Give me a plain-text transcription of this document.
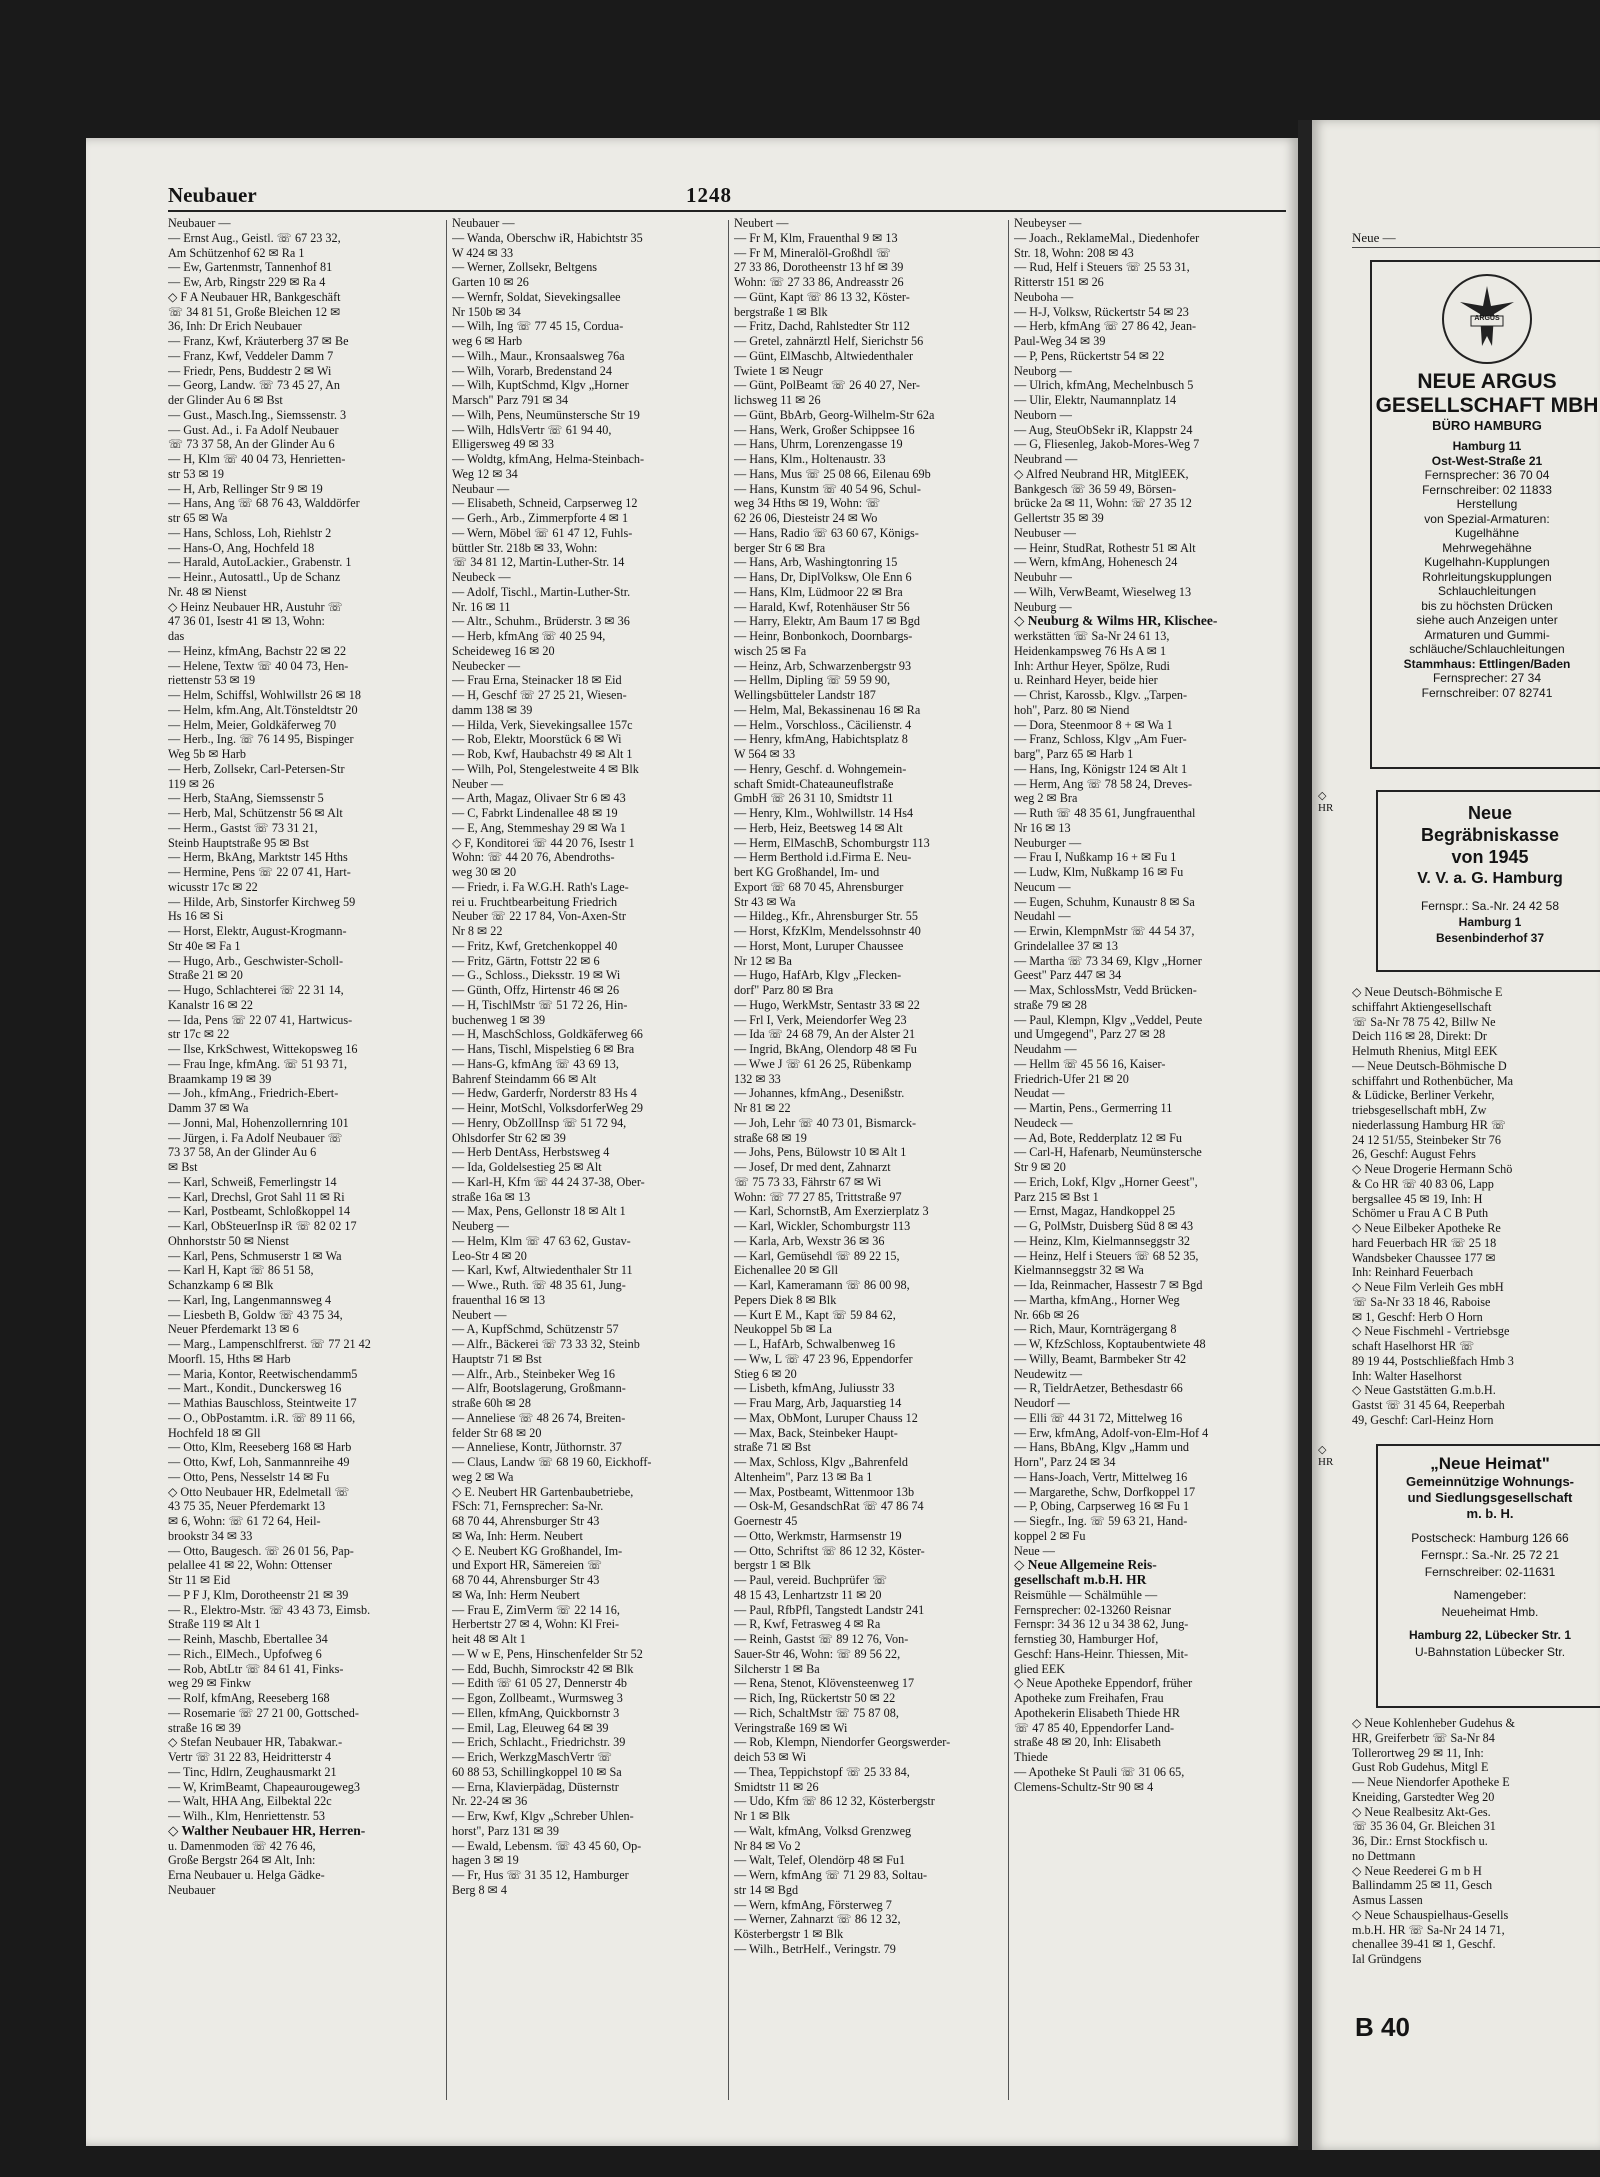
Neubauer	1248
Neubauer —
— Ernst Aug., Geistl. ☏ 67 23 32,
Am Schützenhof 62 ✉ Ra 1
— Ew, Gartenmstr, Tannenhof 81
— Ew, Arb, Ringstr 229 ✉ Ra 4
◇ F A Neubauer HR, Bankgeschäft
☏ 34 81 51, Große Bleichen 12 ✉
36, Inh: Dr Erich Neubauer
— Franz, Kwf, Kräuterberg 37 ✉ Be
— Franz, Kwf, Veddeler Damm 7
— Friedr, Pens, Buddestr 2 ✉ Wi
— Georg, Landw. ☏ 73 45 27, An
der Glinder Au 6 ✉ Bst
— Gust., Masch.Ing., Siemssenstr. 3
— Gust. Ad., i. Fa Adolf Neubauer
☏ 73 37 58, An der Glinder Au 6
— H, Klm ☏ 40 04 73, Henrietten-
str 53 ✉ 19
— H, Arb, Rellinger Str 9 ✉ 19
— Hans, Ang ☏ 68 76 43, Walddörfer
str 65 ✉ Wa
— Hans, Schloss, Loh, Riehlstr 2
— Hans-O, Ang, Hochfeld 18
— Harald, AutoLackier., Grabenstr. 1
— Heinr., Autosattl., Up de Schanz
Nr. 48 ✉ Nienst
◇ Heinz Neubauer HR, Austuhr ☏
47 36 01, Isestr 41 ✉ 13, Wohn:
das
— Heinz, kfmAng, Bachstr 22 ✉ 22
— Helene, Textw ☏ 40 04 73, Hen-
riettenstr 53 ✉ 19
— Helm, Schiffsl, Wohlwillstr 26 ✉ 18
— Helm, kfm.Ang, Alt.Tönsteldtstr 20
— Helm, Meier, Goldkäferweg 70
— Herb., Ing. ☏ 76 14 95, Bispinger
Weg 5b ✉ Harb
— Herb, Zollsekr, Carl-Petersen-Str
119 ✉ 26
— Herb, StaAng, Siemssenstr 5
— Herb, Mal, Schützenstr 56 ✉ Alt
— Herm., Gastst ☏ 73 31 21,
Steinb Hauptstraße 95 ✉ Bst
— Herm, BkAng, Marktstr 145 Hths
— Hermine, Pens ☏ 22 07 41, Hart-
wicusstr 17c ✉ 22
— Hilde, Arb, Sinstorfer Kirchweg 59
Hs 16 ✉ Si
— Horst, Elektr, August-Krogmann-
Str 40e ✉ Fa 1
— Hugo, Arb., Geschwister-Scholl-
Straße 21 ✉ 20
— Hugo, Schlachterei ☏ 22 31 14,
Kanalstr 16 ✉ 22
— Ida, Pens ☏ 22 07 41, Hartwicus-
str 17c ✉ 22
— Ilse, KrkSchwest, Wittekopsweg 16
— Frau Inge, kfmAng. ☏ 51 93 71,
Braamkamp 19 ✉ 39
— Joh., kfmAng., Friedrich-Ebert-
Damm 37 ✉ Wa
— Jonni, Mal, Hohenzollernring 101
— Jürgen, i. Fa Adolf Neubauer ☏
73 37 58, An der Glinder Au 6
✉ Bst
— Karl, Schweiß, Femerlingstr 14
— Karl, Drechsl, Grot Sahl 11 ✉ Ri
— Karl, Postbeamt, Schloßkoppel 14
— Karl, ObSteuerInsp iR ☏ 82 02 17
Ohnhorststr 50 ✉ Nienst
— Karl, Pens, Schmuserstr 1 ✉ Wa
— Karl H, Kapt ☏ 86 51 58,
Schanzkamp 6 ✉ Blk
— Karl, Ing, Langenmannsweg 4
— Liesbeth B, Goldw ☏ 43 75 34,
Neuer Pferdemarkt 13 ✉ 6
— Marg., Lampenschlfrerst. ☏ 77 21 42
Moorfl. 15, Hths ✉ Harb
— Maria, Kontor, Reetwischendamm5
— Mart., Kondit., Dunckersweg 16
— Mathias Bauschloss, Steintweite 17
— O., ObPostamtm. i.R. ☏ 89 11 66,
Hochfeld 18 ✉ Gll
— Otto, Klm, Reeseberg 168 ✉ Harb
— Otto, Kwf, Loh, Sanmannreihe 49
— Otto, Pens, Nesselstr 14 ✉ Fu
◇ Otto Neubauer HR, Edelmetall ☏
43 75 35, Neuer Pferdemarkt 13
✉ 6, Wohn: ☏ 61 72 64, Heil-
brookstr 34 ✉ 33
— Otto, Baugesch. ☏ 26 01 56, Pap-
pelallee 41 ✉ 22, Wohn: Ottenser
Str 11 ✉ Eid
— P F J, Klm, Dorotheenstr 21 ✉ 39
— R., Elektro-Mstr. ☏ 43 43 73, Eimsb.
Straße 119 ✉ Alt 1
— Reinh, Maschb, Ebertallee 34
— Rich., ElMech., Upfofweg 6
— Rob, AbtLtr ☏ 84 61 41, Finks-
weg 29 ✉ Finkw
— Rolf, kfmAng, Reeseberg 168
— Rosemarie ☏ 27 21 00, Gottsched-
straße 16 ✉ 39
◇ Stefan Neubauer HR, Tabakwar.-
Vertr ☏ 31 22 83, Heidritterstr 4
— Tinc, Hdlrn, Zeughausmarkt 21
— W, KrimBeamt, Chapeaurougeweg3
— Walt, HHA Ang, Eilbektal 22c
— Wilh., Klm, Henriettenstr. 53
◇ Walther Neubauer HR, Herren-
u. Damenmoden ☏ 42 76 46,
Große Bergstr 264 ✉ Alt, Inh:
Erna Neubauer u. Helga Gädke-
Neubauer
Neubauer —
— Wanda, Oberschw iR, Habichtstr 35
W 424 ✉ 33
— Werner, Zollsekr, Beltgens
Garten 10 ✉ 26
— Wernfr, Soldat, Sievekingsallee
Nr 150b ✉ 34
— Wilh, Ing ☏ 77 45 15, Cordua-
weg 6 ✉ Harb
— Wilh., Maur., Kronsaalsweg 76a
— Wilh, Vorarb, Bredenstand 24
— Wilh, KuptSchmd, Klgv „Horner
Marsch" Parz 791 ✉ 34
— Wilh, Pens, Neumünstersche Str 19
— Wilh, HdlsVertr ☏ 61 94 40,
Elligersweg 49 ✉ 33
— Woldtg, kfmAng, Helma-Steinbach-
Weg 12 ✉ 34
Neubaur —
— Elisabeth, Schneid, Carpserweg 12
— Gerh., Arb., Zimmerpforte 4 ✉ 1
— Wern, Möbel ☏ 61 47 12, Fuhls-
büttler Str. 218b ✉ 33, Wohn:
☏ 34 81 12, Martin-Luther-Str. 14
Neubeck —
— Adolf, Tischl., Martin-Luther-Str.
Nr. 16 ✉ 11
— Altr., Schuhm., Brüderstr. 3 ✉ 36
— Herb, kfmAng ☏ 40 25 94,
Scheideweg 16 ✉ 20
Neubecker —
— Frau Erna, Steinacker 18 ✉ Eid
— H, Geschf ☏ 27 25 21, Wiesen-
damm 138 ✉ 39
— Hilda, Verk, Sievekingsallee 157c
— Rob, Elektr, Moorstück 6 ✉ Wi
— Rob, Kwf, Haubachstr 49 ✉ Alt 1
— Wilh, Pol, Stengelestweite 4 ✉ Blk
Neuber —
— Arth, Magaz, Olivaer Str 6 ✉ 43
— C, Fabrkt Lindenallee 48 ✉ 19
— E, Ang, Stemmeshay 29 ✉ Wa 1
◇ F, Konditorei ☏ 44 20 76, Isestr 1
Wohn: ☏ 44 20 76, Abendroths-
weg 30 ✉ 20
— Friedr, i. Fa W.G.H. Rath's Lage-
rei u. Fruchtbearbeitung Friedrich
Neuber ☏ 22 17 84, Von-Axen-Str
Nr 8 ✉ 22
— Fritz, Kwf, Gretchenkoppel 40
— Fritz, Gärtn, Fottstr 22 ✉ 6
— G., Schloss., Dieksstr. 19 ✉ Wi
— Günth, Offz, Hirtenstr 46 ✉ 26
— H, TischlMstr ☏ 51 72 26, Hin-
buchenweg 1 ✉ 39
— H, MaschSchloss, Goldkäferweg 66
— Hans, Tischl, Mispelstieg 6 ✉ Bra
— Hans-G, kfmAng ☏ 43 69 13,
Bahrenf Steindamm 66 ✉ Alt
— Hedw, Garderfr, Norderstr 83 Hs 4
— Heinr, MotSchl, VolksdorferWeg 29
— Henry, ObZollInsp ☏ 51 72 94,
Ohlsdorfer Str 62 ✉ 39
— Herb DentAss, Herbstsweg 4
— Ida, Goldelsestieg 25 ✉ Alt
— Karl-H, Kfm ☏ 44 24 37-38, Ober-
straße 16a ✉ 13
— Max, Pens, Gellonstr 18 ✉ Alt 1
Neuberg —
— Helm, Klm ☏ 47 63 62, Gustav-
Leo-Str 4 ✉ 20
— Karl, Kwf, Altwiedenthaler Str 11
— Wwe., Ruth. ☏ 48 35 61, Jung-
frauenthal 16 ✉ 13
Neubert —
— A, KupfSchmd, Schützenstr 57
— Alfr., Bäckerei ☏ 73 33 32, Steinb
Hauptstr 71 ✉ Bst
— Alfr., Arb., Steinbeker Weg 16
— Alfr, Bootslagerung, Großmann-
straße 60h ✉ 28
— Anneliese ☏ 48 26 74, Breiten-
felder Str 68 ✉ 20
— Anneliese, Kontr, Jüthornstr. 37
— Claus, Landw ☏ 68 19 60, Eickhoff-
weg 2 ✉ Wa
◇ E. Neubert HR Gartenbaubetriebe,
FSch: 71, Fernsprecher: Sa-Nr.
68 70 44, Ahrensburger Str 43
✉ Wa, Inh: Herm. Neubert
◇ E. Neubert KG Großhandel, Im-
und Export HR, Sämereien ☏
68 70 44, Ahrensburger Str 43
✉ Wa, Inh: Herm Neubert
— Frau E, ZimVerm ☏ 22 14 16,
Herbertstr 27 ✉ 4, Wohn: Kl Frei-
heit 48 ✉ Alt 1
— W w E, Pens, Hinschenfelder Str 52
— Edd, Buchh, Simrockstr 42 ✉ Blk
— Edith ☏ 61 05 27, Dennerstr 4b
— Egon, Zollbeamt., Wurmsweg 3
— Ellen, kfmAng, Quickbornstr 3
— Emil, Lag, Eleuweg 64 ✉ 39
— Erich, Schlacht., Friedrichstr. 39
— Erich, WerkzgMaschVertr ☏
60 88 53, Schillingkoppel 10 ✉ Sa
— Erna, Klavierpädag, Düsternstr
Nr. 22-24 ✉ 36
— Erw, Kwf, Klgv „Schreber Uhlen-
horst", Parz 131 ✉ 39
— Ewald, Lebensm. ☏ 43 45 60, Op-
hagen 3 ✉ 19
— Fr, Hus ☏ 31 35 12, Hamburger
Berg 8 ✉ 4
Neubert —
— Fr M, Klm, Frauenthal 9 ✉ 13
— Fr M, Mineralöl-Großhdl ☏
27 33 86, Dorotheenstr 13 hf ✉ 39
Wohn: ☏ 27 33 86, Andreasstr 26
— Günt, Kapt ☏ 86 13 32, Köster-
bergstraße 1 ✉ Blk
— Fritz, Dachd, Rahlstedter Str 112
— Gretel, zahnärztl Helf, Sierichstr 56
— Günt, ElMaschb, Altwiedenthaler
Twiete 1 ✉ Neugr
— Günt, PolBeamt ☏ 26 40 27, Ner-
lichsweg 11 ✉ 26
— Günt, BbArb, Georg-Wilhelm-Str 62a
— Hans, Werk, Großer Schippsee 16
— Hans, Uhrm, Lorenzengasse 19
— Hans, Klm., Holtenaustr. 33
— Hans, Mus ☏ 25 08 66, Eilenau 69b
— Hans, Kunstm ☏ 40 54 96, Schul-
weg 34 Hths ✉ 19, Wohn: ☏
62 26 06, Diesteistr 24 ✉ Wo
— Hans, Radio ☏ 63 60 67, Königs-
berger Str 6 ✉ Bra
— Hans, Arb, Washingtonring 15
— Hans, Dr, DiplVolksw, Ole Enn 6
— Hans, Klm, Lüdmoor 22 ✉ Bra
— Harald, Kwf, Rotenhäuser Str 56
— Harry, Elektr, Am Baum 17 ✉ Bgd
— Heinr, Bonbonkoch, Doornbargs-
wisch 25 ✉ Fa
— Heinz, Arb, Schwarzenbergstr 93
— Hellm, Dipling ☏ 59 59 90,
Wellingsbütteler Landstr 187
— Helm, Mal, Bekassinenau 16 ✉ Ra
— Helm., Vorschloss., Cäcilienstr. 4
— Henry, kfmAng, Habichtsplatz 8
W 564 ✉ 33
— Henry, Geschf. d. Wohngemein-
schaft Smidt-Chateauneuflstraße
GmbH ☏ 26 31 10, Smidtstr 11
— Henry, Klm., Wohlwillstr. 14 Hs4
— Herb, Heiz, Beetsweg 14 ✉ Alt
— Herm, ElMaschB, Schomburgstr 113
— Herm Berthold i.d.Firma E. Neu-
bert KG Großhandel, Im- und
Export ☏ 68 70 45, Ahrensburger
Str 43 ✉ Wa
— Hildeg., Kfr., Ahrensburger Str. 55
— Horst, KfzKlm, Mendelssohnstr 40
— Horst, Mont, Luruper Chaussee
Nr 12 ✉ Ba
— Hugo, HafArb, Klgv „Flecken-
dorf" Parz 80 ✉ Bra
— Hugo, WerkMstr, Sentastr 33 ✉ 22
— Frl I, Verk, Meiendorfer Weg 23
— Ida ☏ 24 68 79, An der Alster 21
— Ingrid, BkAng, Olendorp 48 ✉ Fu
— Wwe J ☏ 61 26 25, Rübenkamp
132 ✉ 33
— Johannes, kfmAng., Desenißstr.
Nr 81 ✉ 22
— Joh, Lehr ☏ 40 73 01, Bismarck-
straße 68 ✉ 19
— Johs, Pens, Bülowstr 10 ✉ Alt 1
— Josef, Dr med dent, Zahnarzt
☏ 75 73 33, Fährstr 67 ✉ Wi
Wohn: ☏ 77 27 85, Trittstraße 97
— Karl, SchornstB, Am Exerzierplatz 3
— Karl, Wickler, Schomburgstr 113
— Karla, Arb, Wexstr 36 ✉ 36
— Karl, Gemüsehdl ☏ 89 22 15,
Eichenallee 20 ✉ Gll
— Karl, Kameramann ☏ 86 00 98,
Pepers Diek 8 ✉ Blk
— Kurt E M., Kapt ☏ 59 84 62,
Neukoppel 5b ✉ La
— L, HafArb, Schwalbenweg 16
— Ww, L ☏ 47 23 96, Eppendorfer
Stieg 6 ✉ 20
— Lisbeth, kfmAng, Juliusstr 33
— Frau Marg, Arb, Jaquarstieg 14
— Max, ObMont, Luruper Chauss 12
— Max, Back, Steinbeker Haupt-
straße 71 ✉ Bst
— Max, Schloss, Klgv „Bahrenfeld
Altenheim", Parz 13 ✉ Ba 1
— Max, Postbeamt, Wittenmoor 13b
— Osk-M, GesandschRat ☏ 47 86 74
Goernestr 45
— Otto, Werkmstr, Harmsenstr 19
— Otto, Schriftst ☏ 86 12 32, Köster-
bergstr 1 ✉ Blk
— Paul, vereid. Buchprüfer ☏
48 15 43, Lenhartzstr 11 ✉ 20
— Paul, RfbPfl, Tangstedt Landstr 241
— R, Kwf, Fetrasweg 4 ✉ Ra
— Reinh, Gastst ☏ 89 12 76, Von-
Sauer-Str 46, Wohn: ☏ 89 56 22,
Silcherstr 1 ✉ Ba
— Rena, Stenot, Klövensteenweg 17
— Rich, Ing, Rückertstr 50 ✉ 22
— Rich, SchaltMstr ☏ 75 87 08,
Veringstraße 169 ✉ Wi
— Rob, Klempn, Niendorfer Georgswerder-
deich 53 ✉ Wi
— Thea, Teppichstopf ☏ 25 33 84,
Smidtstr 11 ✉ 26
— Udo, Kfm ☏ 86 12 32, Kösterbergstr
Nr 1 ✉ Blk
— Walt, kfmAng, Volksd Grenzweg
Nr 84 ✉ Vo 2
— Walt, Telef, Olendörp 48 ✉ Fu1
— Wern, kfmAng ☏ 71 29 83, Soltau-
str 14 ✉ Bgd
— Wern, kfmAng, Försterweg 7
— Werner, Zahnarzt ☏ 86 12 32,
Kösterbergstr 1 ✉ Blk
— Wilh., BetrHelf., Veringstr. 79
Neubeyser —
— Joach., ReklameMal., Diedenhofer
Str. 18, Wohn: 208 ✉ 43
— Rud, Helf i Steuers ☏ 25 53 31,
Ritterstr 151 ✉ 26
Neuboha —
— H-J, Volksw, Rückertstr 54 ✉ 23
— Herb, kfmAng ☏ 27 86 42, Jean-
Paul-Weg 34 ✉ 39
— P, Pens, Rückertstr 54 ✉ 22
Neuborg —
— Ulrich, kfmAng, Mechelnbusch 5
— Ulir, Elektr, Naumannplatz 14
Neuborn —
— Aug, SteuObSekr iR, Klappstr 24
— G, Fliesenleg, Jakob-Mores-Weg 7
Neubrand —
◇ Alfred Neubrand HR, MitglEEK,
Bankgesch ☏ 36 59 49, Börsen-
brücke 2a ✉ 11, Wohn: ☏ 27 35 12
Gellertstr 35 ✉ 39
Neubuser —
— Heinr, StudRat, Rothestr 51 ✉ Alt
— Wern, kfmAng, Hohenesch 24
Neubuhr —
— Wilh, VerwBeamt, Wieselweg 13
Neuburg —
◇ Neuburg & Wilms HR, Klischee-
werkstätten ☏ Sa-Nr 24 61 13,
Heidenkampsweg 76 Hs A ✉ 1
Inh: Arthur Heyer, Spölze, Rudi
u. Reinhard Heyer, beide hier
— Christ, Karossb., Klgv. „Tarpen-
hoh", Parz. 80 ✉ Niend
— Dora, Steenmoor 8 + ✉ Wa 1
— Franz, Schloss, Klgv „Am Fuer-
barg", Parz 65 ✉ Harb 1
— Hans, Ing, Königstr 124 ✉ Alt 1
— Herm, Ang ☏ 78 58 24, Dreves-
weg 2 ✉ Bra
— Ruth ☏ 48 35 61, Jungfrauenthal
Nr 16 ✉ 13
Neuburger —
— Frau I, Nußkamp 16 + ✉ Fu 1
— Ludw, Klm, Nußkamp 16 ✉ Fu
Neucum —
— Eugen, Schuhm, Kunaustr 8 ✉ Sa
Neudahl —
— Erwin, KlempnMstr ☏ 44 54 37,
Grindelallee 37 ✉ 13
— Martha ☏ 73 34 69, Klgv „Horner
Geest" Parz 447 ✉ 34
— Max, SchlossMstr, Vedd Brücken-
straße 79 ✉ 28
— Paul, Klempn, Klgv „Veddel, Peute
und Umgegend", Parz 27 ✉ 28
Neudahm —
— Hellm ☏ 45 56 16, Kaiser-
Friedrich-Ufer 21 ✉ 20
Neudat —
— Martin, Pens., Germerring 11
Neudeck —
— Ad, Bote, Redderplatz 12 ✉ Fu
— Carl-H, Hafenarb, Neumünstersche
Str 9 ✉ 20
— Erich, Lokf, Klgv „Horner Geest",
Parz 215 ✉ Bst 1
— Ernst, Magaz, Handkoppel 25
— G, PolMstr, Duisberg Süd 8 ✉ 43
— Heinz, Klm, Kielmannseggstr 32
— Heinz, Helf i Steuers ☏ 68 52 35,
Kielmannseggstr 32 ✉ Wa
— Ida, Reinmacher, Hassestr 7 ✉ Bgd
— Martha, kfmAng., Horner Weg
Nr. 66b ✉ 26
— Rich, Maur, Kornträgergang 8
— W, KfzSchloss, Koptaubentwiete 48
— Willy, Beamt, Barmbeker Str 42
Neudewitz —
— R, TieldrAetzer, Bethesdastr 66
Neudorf —
— Elli ☏ 44 31 72, Mittelweg 16
— Erw, kfmAng, Adolf-von-Elm-Hof 4
— Hans, BbAng, Klgv „Hamm und
Horn", Parz 24 ✉ 34
— Hans-Joach, Vertr, Mittelweg 16
— Margarethe, Schw, Dorfkoppel 17
— P, Obing, Carpserweg 16 ✉ Fu 1
— Siegfr., Ing. ☏ 59 63 21, Hand-
koppel 2 ✉ Fu
Neue —
◇ Neue Allgemeine Reis-
gesellschaft m.b.H. HR
Reismühle — Schälmühle —
Fernsprecher: 02-13260 Reisnar
Fernspr: 34 36 12 u 34 38 62, Jung-
fernstieg 30, Hamburger Hof,
Geschf: Hans-Heinr. Thiessen, Mit-
glied EEK
◇ Neue Apotheke Eppendorf, früher
Apotheke zum Freihafen, Frau
Apothekerin Elisabeth Thiede HR
☏ 47 85 40, Eppendorfer Land-
straße 48 ✉ 20, Inh: Elisabeth
Thiede
— Apotheke St Pauli ☏ 31 06 65,
Clemens-Schultz-Str 90 ✉ 4
Neue —
ARGUS
NEUE ARGUS
GESELLSCHAFT MBH
BÜRO HAMBURG
Hamburg 11
Ost-West-Straße 21
Fernsprecher: 36 70 04
Fernschreiber: 02 11833
Herstellung
von Spezial-Armaturen:
Kugelhähne
Mehrwegehähne
Kugelhahn-Kupplungen
Rohrleitungskupplungen
Schlauchleitungen
bis zu höchsten Drücken
siehe auch Anzeigen unter
Armaturen und Gummi-
schläuche/Schlauchleitungen
Stammhaus: Ettlingen/Baden
Fernsprecher: 27 34
Fernschreiber: 07 82741
◇
HR	Neue
Begräbniskasse
von 1945
V. V. a. G. Hamburg
Fernspr.: Sa.-Nr. 24 42 58
Hamburg 1
Besenbinderhof 37
◇ Neue Deutsch-Böhmische E
schiffahrt Aktiengesellschaft
☏ Sa-Nr 78 75 42, Billw Ne
Deich 116 ✉ 28, Direkt: Dr
Helmuth Rhenius, Mitgl EEK
— Neue Deutsch-Böhmische D
schiffahrt und Rothenbücher, Ma
& Lüdicke, Berliner Verkehr,
triebsgesellschaft mbH, Zw
niederlassung Hamburg HR ☏
24 12 51/55, Steinbeker Str 76
26, Geschf: August Fehrs
◇ Neue Drogerie Hermann Schö
& Co HR ☏ 40 83 06, Lapp
bergsallee 45 ✉ 19, Inh: H
Schömer u Frau A C B Puth
◇ Neue Eilbeker Apotheke Re
hard Feuerbach HR ☏ 25 18
Wandsbeker Chaussee 177 ✉
Inh: Reinhard Feuerbach
◇ Neue Film Verleih Ges mbH
☏ Sa-Nr 33 18 46, Raboise
✉ 1, Geschf: Herb O Horn
◇ Neue Fischmehl - Vertriebsge
schaft Haselhorst HR ☏
89 19 44, Postschließfach Hmb 3
Inh: Walter Haselhorst
◇ Neue Gaststätten G.m.b.H.
Gastst ☏ 31 45 64, Reeperbah
49, Geschf: Carl-Heinz Horn
◇
HR	„Neue Heimat"
Gemeinnützige Wohnungs-
und Siedlungsgesellschaft
m. b. H.
Postscheck: Hamburg 126 66
Fernspr.: Sa.-Nr. 25 72 21
Fernschreiber: 02-11631
Namengeber:
Neueheimat Hmb.
Hamburg 22, Lübecker Str. 1
U-Bahnstation Lübecker Str.
◇ Neue Kohlenheber Gudehus &
HR, Greiferbetr ☏ Sa-Nr 84
Tollerortweg 29 ✉ 11, Inh:
Gust Rob Gudehus, Mitgl E
— Neue Niendorfer Apotheke E
Kneiding, Garstedter Weg 20
◇ Neue Realbesitz Akt-Ges.
☏ 35 36 04, Gr. Bleichen 31
36, Dir.: Ernst Stockfisch u.
no Dettmann
◇ Neue Reederei G m b H
Ballindamm 25 ✉ 11, Gesch
Asmus Lassen
◇ Neue Schauspielhaus-Gesells
m.b.H. HR ☏ Sa-Nr 24 14 71,
chenallee 39-41 ✉ 1, Geschf.
Ial Gründgens
B 40
